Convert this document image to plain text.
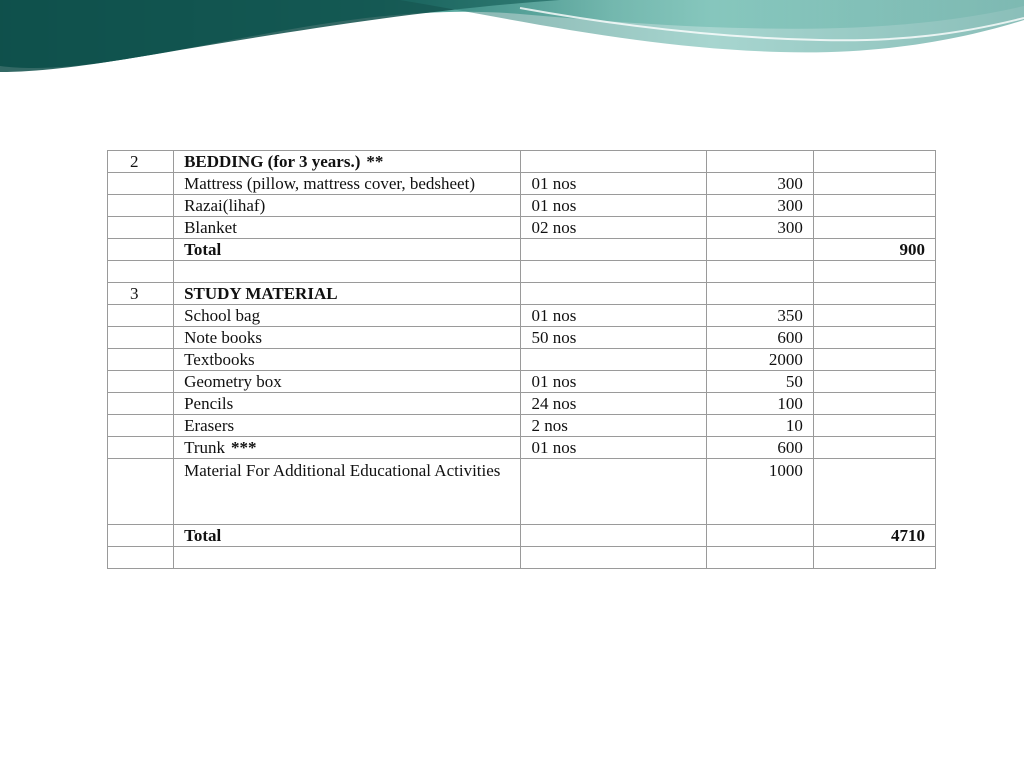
2	BEDDING (for 3 years.) **			
	Mattress (pillow, mattress cover, bedsheet)	01 nos	300	
	Razai(lihaf)	01 nos	300	
	Blanket	02 nos	300	
	Total			900

3	STUDY MATERIAL			
	School bag	01 nos	350	
	Note books	50 nos	600	
	Textbooks		2000	
	Geometry box	01 nos	50	
	Pencils	24 nos	100	
	Erasers	2 nos	10	
	Trunk ***	01 nos	600	
	Material For Additional Educational Activities		1000	
	Total			4710
